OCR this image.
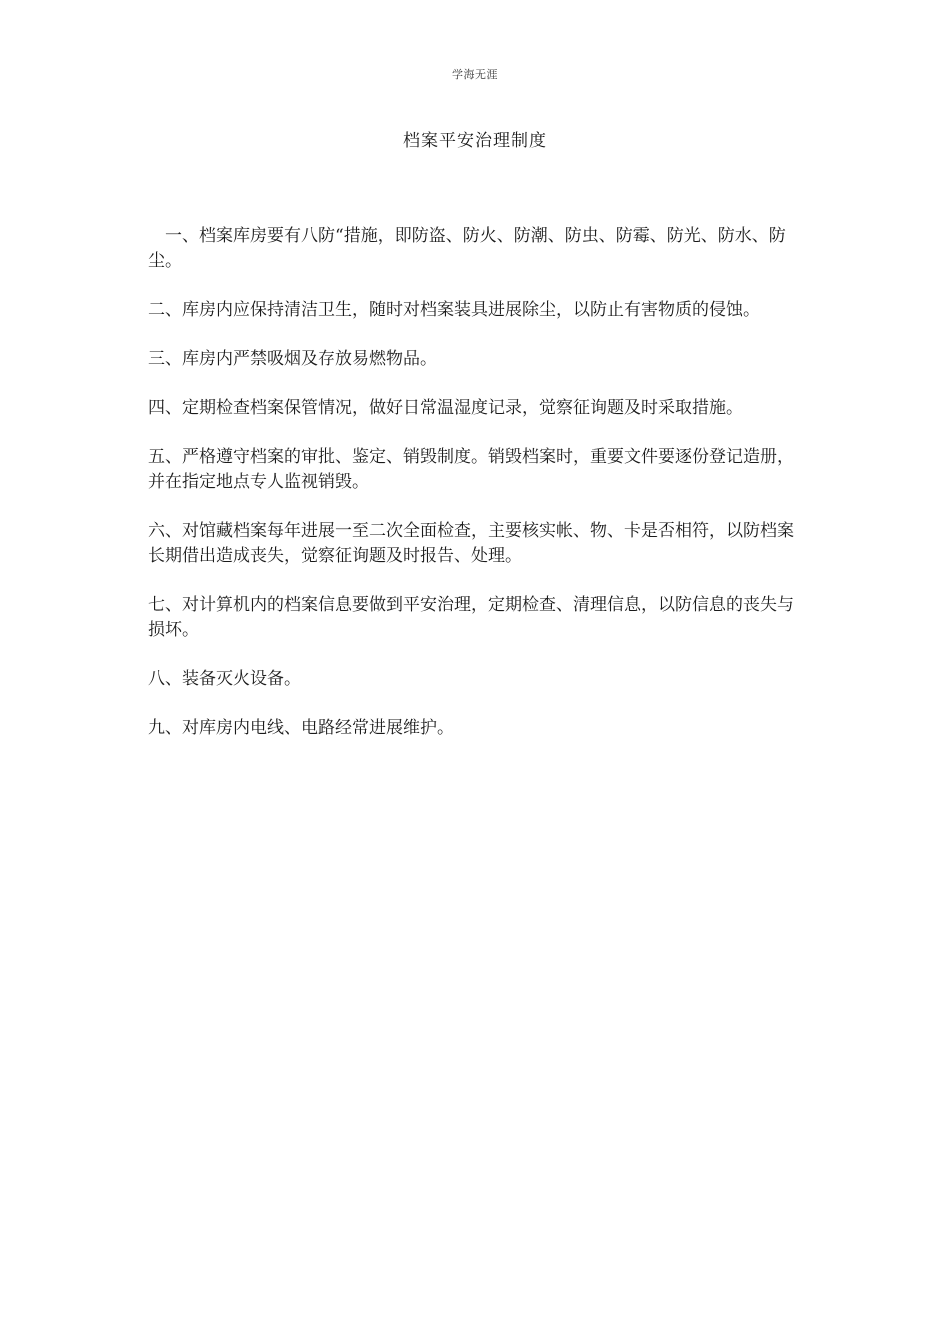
学海无涯
档案平安治理制度

一、档案库房要有八防“措施，即防盗、防火、防潮、防虫、防霉、防光、防水、防尘。

二、库房内应保持清洁卫生，随时对档案装具进展除尘，以防止有害物质的侵蚀。

三、库房内严禁吸烟及存放易燃物品。

四、定期检查档案保管情况，做好日常温湿度记录，觉察征询题及时采取措施。

五、严格遵守档案的审批、鉴定、销毁制度。销毁档案时，重要文件要逐份登记造册，并在指定地点专人监视销毁。

六、对馆藏档案每年进展一至二次全面检查，主要核实帐、物、卡是否相符，以防档案长期借出造成丧失，觉察征询题及时报告、处理。

七、对计算机内的档案信息要做到平安治理，定期检查、清理信息，以防信息的丧失与损坏。

八、装备灭火设备。

九、对库房内电线、电路经常进展维护。
